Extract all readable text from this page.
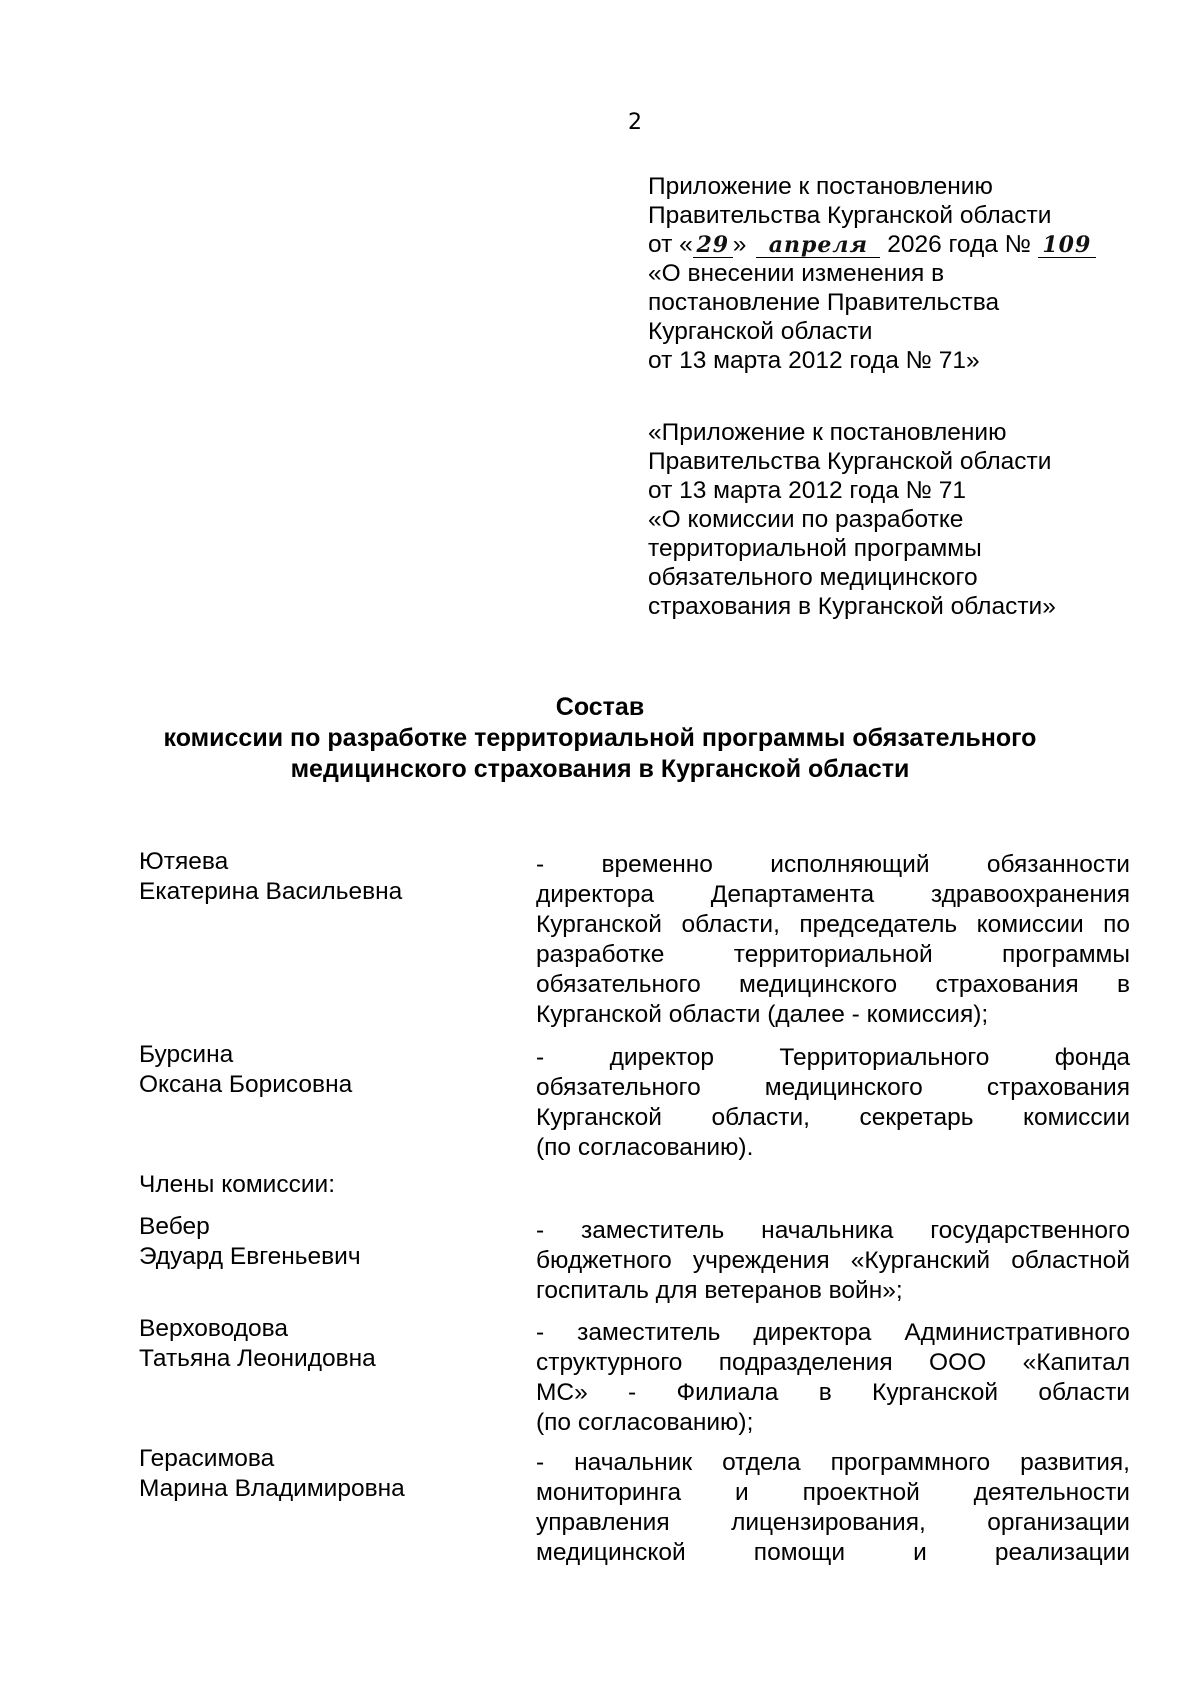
2
Приложение к постановлению
Правительства Курганской области
от « 29 » апреля 2026 года № 109
«О внесении изменения в
постановление Правительства
Курганской области
от 13 марта 2012 года № 71»
«Приложение к постановлению
Правительства Курганской области
от 13 марта 2012 года № 71
«О комиссии по разработке
территориальной программы
обязательного медицинского
страхования в Курганской области»
Состав
комиссии по разработке территориальной программы обязательного
медицинского страхования в Курганской области
Ютяева
Екатерина Васильевна
- временно исполняющий обязанности
директора Департамента здравоохранения
Курганской области, председатель комиссии по
разработке территориальной программы
обязательного медицинского страхования в
Курганской области (далее - комиссия);
Бурсина
Оксана Борисовна
- директор Территориального фонда
обязательного медицинского страхования
Курганской области, секретарь комиссии
(по согласованию).
Члены комиссии:
Вебер
Эдуард Евгеньевич
- заместитель начальника государственного
бюджетного учреждения «Курганский областной
госпиталь для ветеранов войн»;
Верховодова
Татьяна Леонидовна
- заместитель директора Административного
структурного подразделения ООО «Капитал
МС» - Филиала в Курганской области
(по согласованию);
Герасимова
Марина Владимировна
- начальник отдела программного развития,
мониторинга и проектной деятельности
управления лицензирования, организации
медицинской помощи и реализации
